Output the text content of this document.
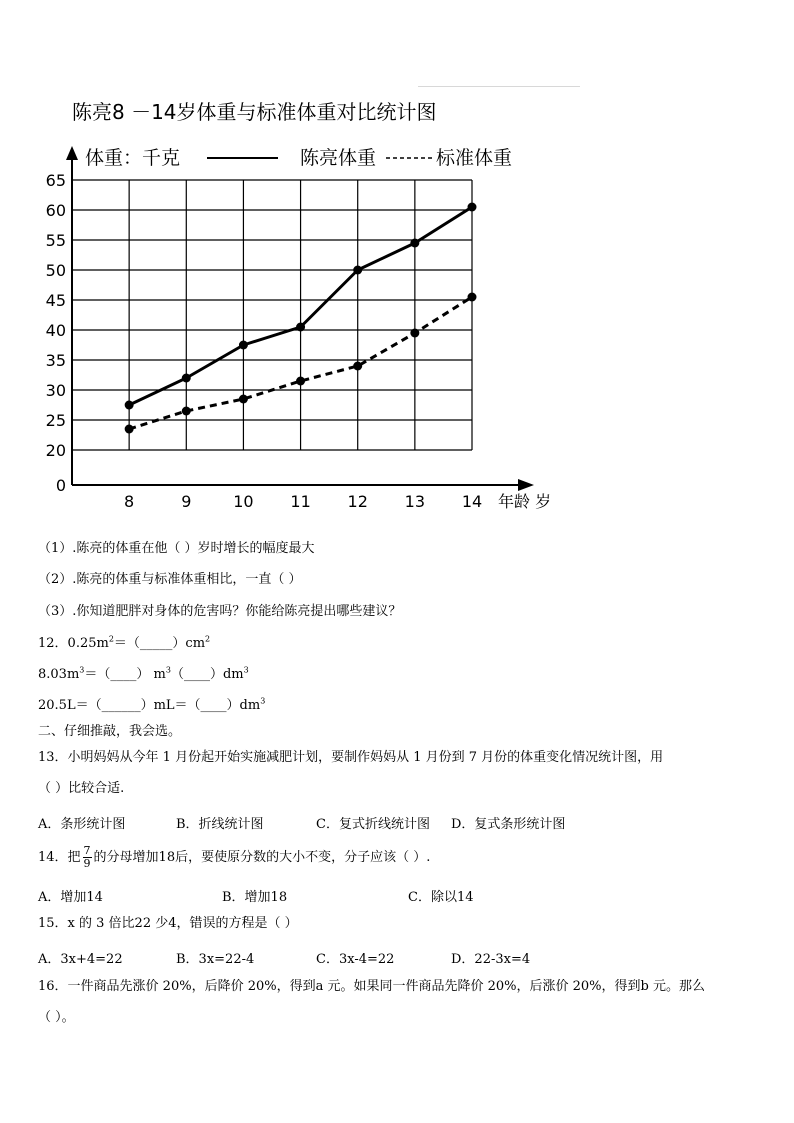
陈亮8 －14岁体重与标准体重对比统计图
0
20
25
30
35
40
45
50
55
60
65
8	9	10 11 12 13 14 年龄 岁
体重：千克	陈亮体重	标准体重
（1）.陈亮的体重在他（ ）岁时增长的幅度最大
（2）.陈亮的体重与标准体重相比，一直（ ）
（3）.你知道肥胖对身体的危害吗？你能给陈亮提出哪些建议？
12．$0.25m^2=(\_\_\_\_\_)cm^2$
$8.03m^3=(\_\_\_\_)$ $m^3(\_\_\_\_)dm^3$
$20.5L=(\_\_\_\_\_\_)mL=(\_\_\_\_)dm^3$
二、仔细推敲，我会选。
13．小明妈妈从今年 1 月份起开始实施减肥计划，要制作妈妈从 1 月份到 7 月份的体重变化情况统计图，用
（ ）比较合适.
A．条形统计图	B．折线统计图	C．复式折线统计图 D．复式条形统计图
14．把 $\frac{7}{9}$ 的分母增加18后，要使原分数的大小不变，分子应该（ ）.
A．增加14	B．增加18	C．除以14
15．x 的 3 倍比22 少4，错误的方程是（ ）
A．3x+4=22	B．3x=22-4	C．3x-4=22	D．22-3x=4
16．一件商品先涨价 20%，后降价 20%，得到a 元。如果同一件商品先降价 20%，后涨价 20%，得到b 元。那么
（ ）。
